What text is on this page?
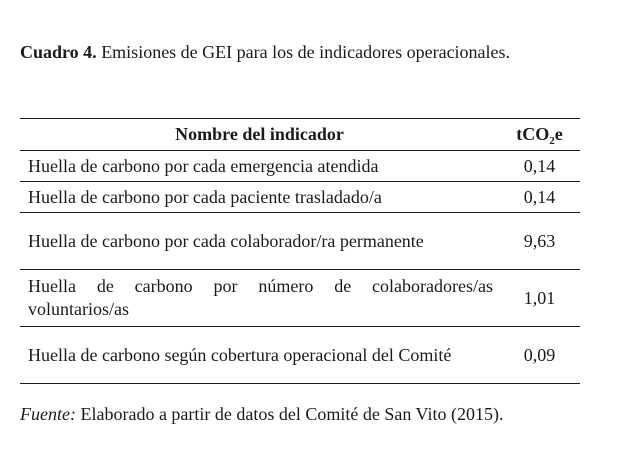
Cuadro 4. Emisiones de GEI para los de indicadores operacionales.
Nombre del indicador	tCO$_2$e
Huella de carbono por cada emergencia atendida	0,14
Huella de carbono por cada paciente trasladado/a	0,14
Huella de carbono por cada colaborador/ra permanente	9,63
Huella de carbono por número de colaboradores/as voluntarios/as	1,01
Huella de carbono según cobertura operacional del Comité	0,09
Fuente: Elaborado a partir de datos del Comité de San Vito (2015).
